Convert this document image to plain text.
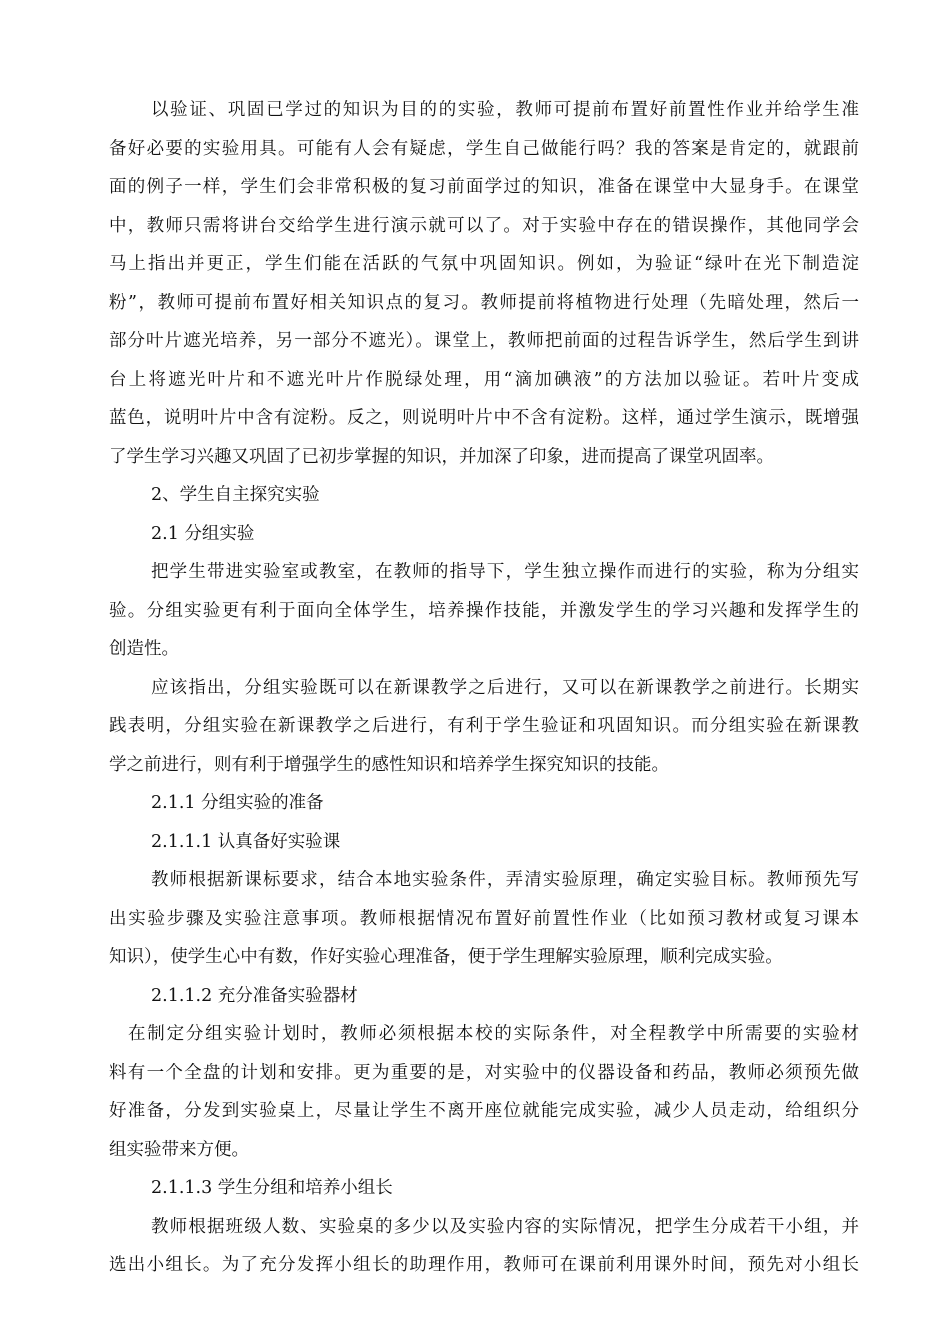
以验证、巩固已学过的知识为目的的实验，教师可提前布置好前置性作业并给学生准
备好必要的实验用具。可能有人会有疑虑，学生自己做能行吗？我的答案是肯定的，就跟前
面的例子一样，学生们会非常积极的复习前面学过的知识，准备在课堂中大显身手。在课堂
中，教师只需将讲台交给学生进行演示就可以了。对于实验中存在的错误操作，其他同学会
马上指出并更正，学生们能在活跃的气氛中巩固知识。例如，为验证“绿叶在光下制造淀
粉”，教师可提前布置好相关知识点的复习。教师提前将植物进行处理（先暗处理，然后一
部分叶片遮光培养，另一部分不遮光）。课堂上，教师把前面的过程告诉学生，然后学生到讲
台上将遮光叶片和不遮光叶片作脱绿处理，用“滴加碘液”的方法加以验证。若叶片变成
蓝色，说明叶片中含有淀粉。反之，则说明叶片中不含有淀粉。这样，通过学生演示，既增强
了学生学习兴趣又巩固了已初步掌握的知识，并加深了印象，进而提高了课堂巩固率。
2、学生自主探究实验
2.1 分组实验
把学生带进实验室或教室，在教师的指导下，学生独立操作而进行的实验，称为分组实
验。分组实验更有利于面向全体学生，培养操作技能，并激发学生的学习兴趣和发挥学生的
创造性。
应该指出，分组实验既可以在新课教学之后进行，又可以在新课教学之前进行。长期实
践表明，分组实验在新课教学之后进行，有利于学生验证和巩固知识。而分组实验在新课教
学之前进行，则有利于增强学生的感性知识和培养学生探究知识的技能。
2.1.1 分组实验的准备
2.1.1.1 认真备好实验课
教师根据新课标要求，结合本地实验条件，弄清实验原理，确定实验目标。教师预先写
出实验步骤及实验注意事项。教师根据情况布置好前置性作业（比如预习教材或复习课本
知识），使学生心中有数，作好实验心理准备，便于学生理解实验原理，顺利完成实验。
2.1.1.2 充分准备实验器材
在制定分组实验计划时，教师必须根据本校的实际条件，对全程教学中所需要的实验材
料有一个全盘的计划和安排。更为重要的是，对实验中的仪器设备和药品，教师必须预先做
好准备，分发到实验桌上，尽量让学生不离开座位就能完成实验，减少人员走动，给组织分
组实验带来方便。
2.1.1.3 学生分组和培养小组长
教师根据班级人数、实验桌的多少以及实验内容的实际情况，把学生分成若干小组，并
选出小组长。为了充分发挥小组长的助理作用，教师可在课前利用课外时间，预先对小组长
